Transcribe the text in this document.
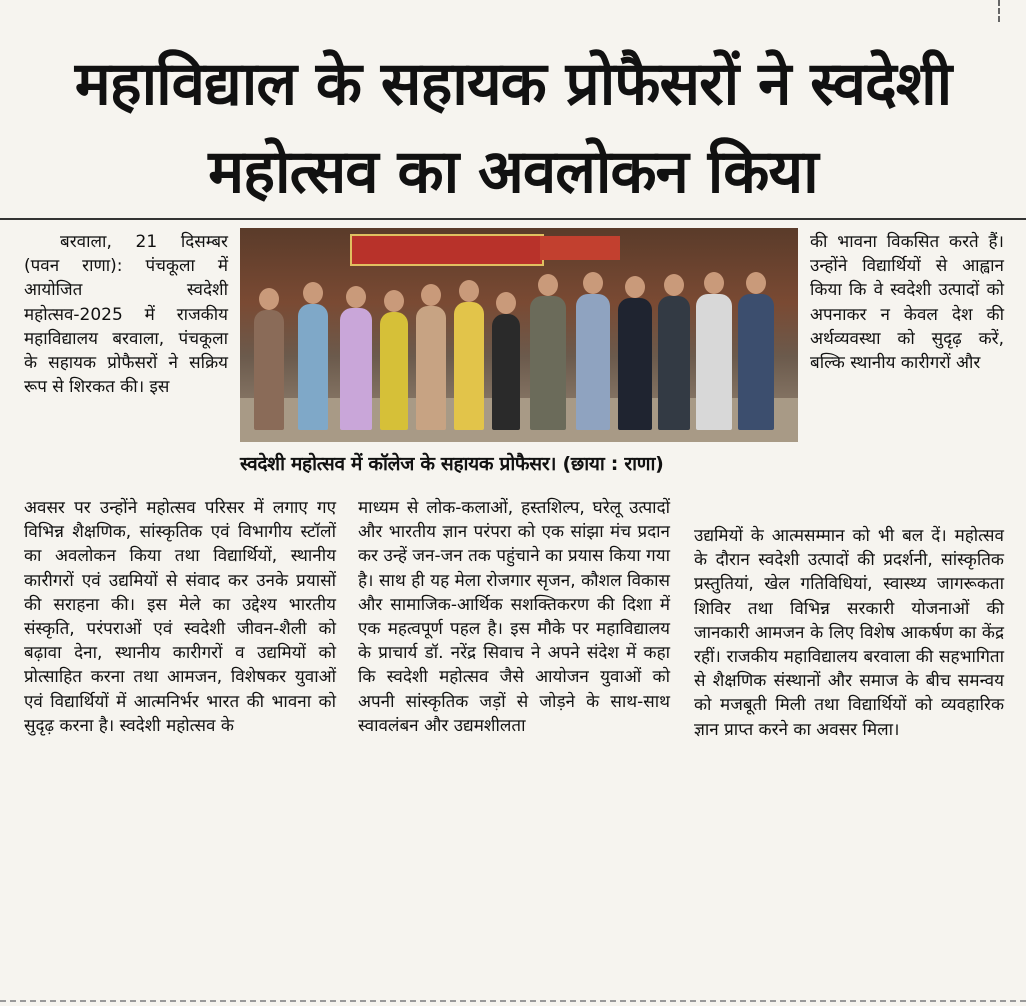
महाविद्याल के सहायक प्रोफैसरों ने स्वदेशी
महोत्सव का अवलोकन किया

बरवाला, 21 दिसम्बर (पवन राणा): पंचकूला में आयोजित स्वदेशी महोत्सव-2025 में राजकीय महाविद्यालय बरवाला, पंचकूला के सहायक प्रोफैसरों ने सक्रिय रूप से शिरकत की। इस

अवसर पर उन्होंने महोत्सव परिसर में लगाए गए विभिन्न शैक्षणिक, सांस्कृतिक एवं विभागीय स्टॉलों का अवलोकन किया तथा विद्यार्थियों, स्थानीय कारीगरों एवं उद्यमियों से संवाद कर उनके प्रयासों की सराहना की। इस मेले का उद्देश्य भारतीय संस्कृति, परंपराओं एवं स्वदेशी जीवन-शैली को बढ़ावा देना, स्थानीय कारीगरों व उद्यमियों को प्रोत्साहित करना तथा आमजन, विशेषकर युवाओं एवं विद्यार्थियों में आत्मनिर्भर भारत की भावना को सुदृढ़ करना है। स्वदेशी महोत्सव के

स्वदेशी महोत्सव में कॉलेज के सहायक प्रोफैसर। (छाया : राणा)

माध्यम से लोक-कलाओं, हस्तशिल्प, घरेलू उत्पादों और भारतीय ज्ञान परंपरा को एक सांझा मंच प्रदान कर उन्हें जन-जन तक पहुंचाने का प्रयास किया गया है। साथ ही यह मेला रोजगार सृजन, कौशल विकास और सामाजिक-आर्थिक सशक्तिकरण की दिशा में एक महत्वपूर्ण पहल है। इस मौके पर महाविद्यालय के प्राचार्य डॉ. नरेंद्र सिवाच ने अपने संदेश में कहा कि स्वदेशी महोत्सव जैसे आयोजन युवाओं को अपनी सांस्कृतिक जड़ों से जोड़ने के साथ-साथ स्वावलंबन और उद्यमशीलता

की भावना विकसित करते हैं। उन्होंने विद्यार्थियों से आह्वान किया कि वे स्वदेशी उत्पादों को अपनाकर न केवल देश की अर्थव्यवस्था को सुदृढ़ करें, बल्कि स्थानीय कारीगरों और

उद्यमियों के आत्मसम्मान को भी बल दें। महोत्सव के दौरान स्वदेशी उत्पादों की प्रदर्शनी, सांस्कृतिक प्रस्तुतियां, खेल गतिविधियां, स्वास्थ्य जागरूकता शिविर तथा विभिन्न सरकारी योजनाओं की जानकारी आमजन के लिए विशेष आकर्षण का केंद्र रहीं। राजकीय महाविद्यालय बरवाला की सहभागिता से शैक्षणिक संस्थानों और समाज के बीच समन्वय को मजबूती मिली तथा विद्यार्थियों को व्यवहारिक ज्ञान प्राप्त करने का अवसर मिला।
